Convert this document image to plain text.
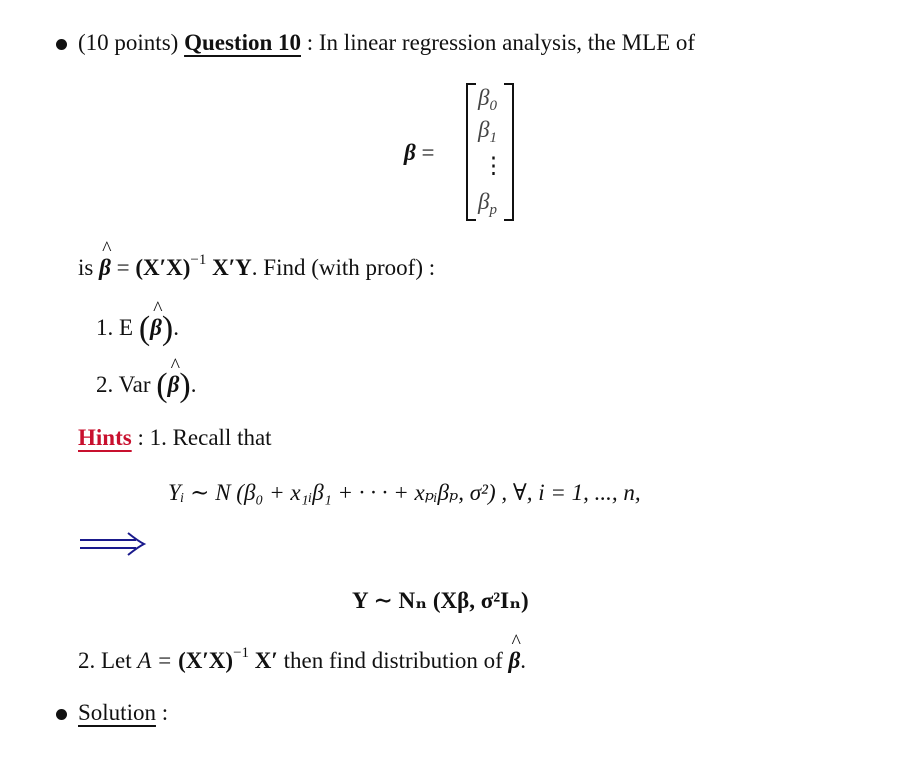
(10 points) Question 10 : In linear regression analysis, the MLE of
β =
$\beta_0$
$\beta_1$
⋮
$\beta_p$
is ^ $\beta = (X'X)^{-1}$ X′Y. Find (with proof) :
1. E (^ β).
2. Var (^ β).
Hints : 1. Recall that
Yᵢ ∼ N (β₀ + x₁ᵢβ₁ + · · · + xₚᵢβₚ, σ²) , ∀, i = 1, ..., n,
Y ∼ Nₙ (Xβ, σ²Iₙ)
2. Let $A = (X'X)^{-1}$ X′ then find distribution of ^ β.
Solution :
